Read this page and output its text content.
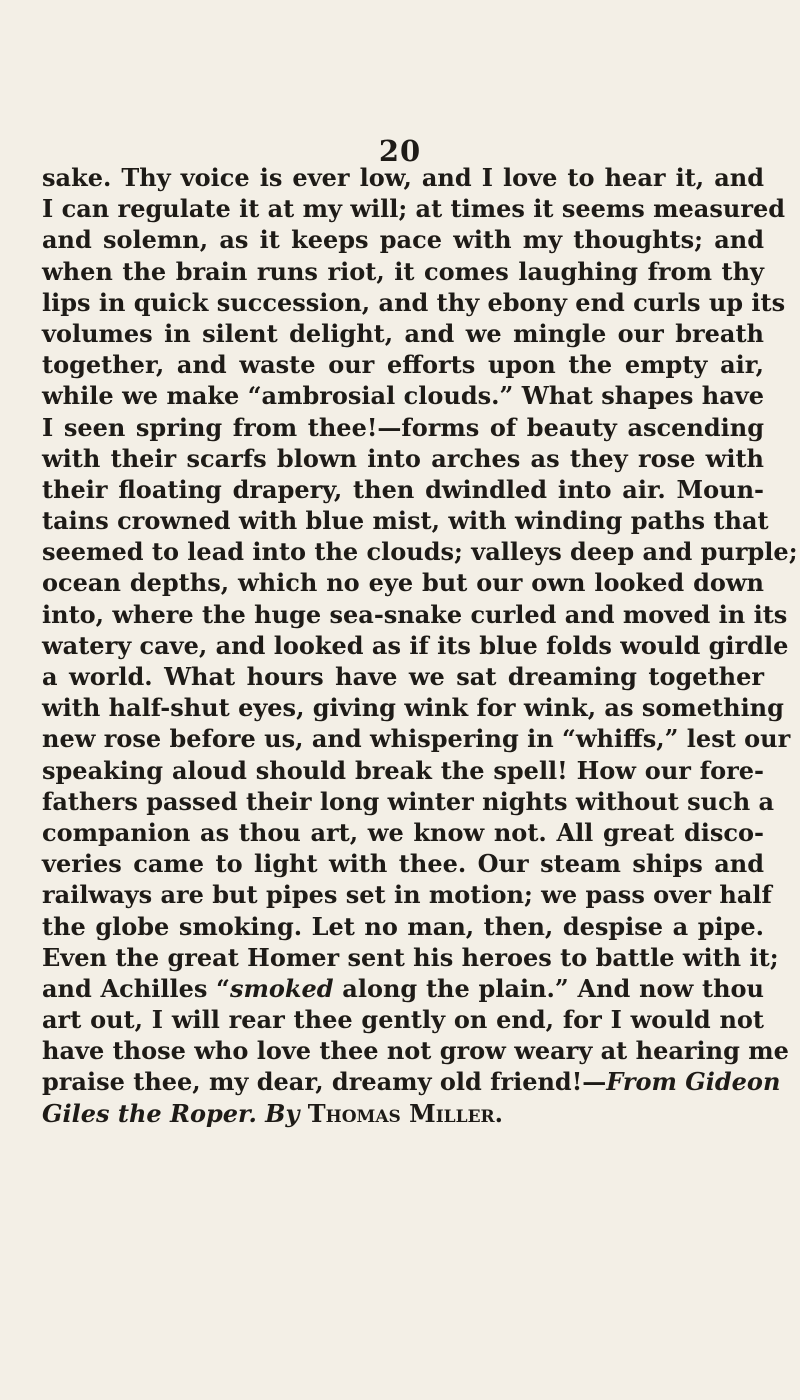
20
sake. Thy voice is ever low, and I love to hear it, and
I can regulate it at my will; at times it seems measured
and solemn, as it keeps pace with my thoughts; and
when the brain runs riot, it comes laughing from thy
lips in quick succession, and thy ebony end curls up its
volumes in silent delight, and we mingle our breath
together, and waste our efforts upon the empty air,
while we make “ambrosial clouds.” What shapes have
I seen spring from thee!—forms of beauty ascending
with their scarfs blown into arches as they rose with
their floating drapery, then dwindled into air. Moun-
tains crowned with blue mist, with winding paths that
seemed to lead into the clouds; valleys deep and purple;
ocean depths, which no eye but our own looked down
into, where the huge sea-snake curled and moved in its
watery cave, and looked as if its blue folds would girdle
a world. What hours have we sat dreaming together
with half-shut eyes, giving wink for wink, as something
new rose before us, and whispering in “whiffs,” lest our
speaking aloud should break the spell! How our fore-
fathers passed their long winter nights without such a
companion as thou art, we know not. All great disco-
veries came to light with thee. Our steam ships and
railways are but pipes set in motion; we pass over half
the globe smoking. Let no man, then, despise a pipe.
Even the great Homer sent his heroes to battle with it;
and Achilles “smoked along the plain.” And now thou
art out, I will rear thee gently on end, for I would not
have those who love thee not grow weary at hearing me
praise thee, my dear, dreamy old friend!—From Gideon
Giles the Roper. By Thomas Miller.
